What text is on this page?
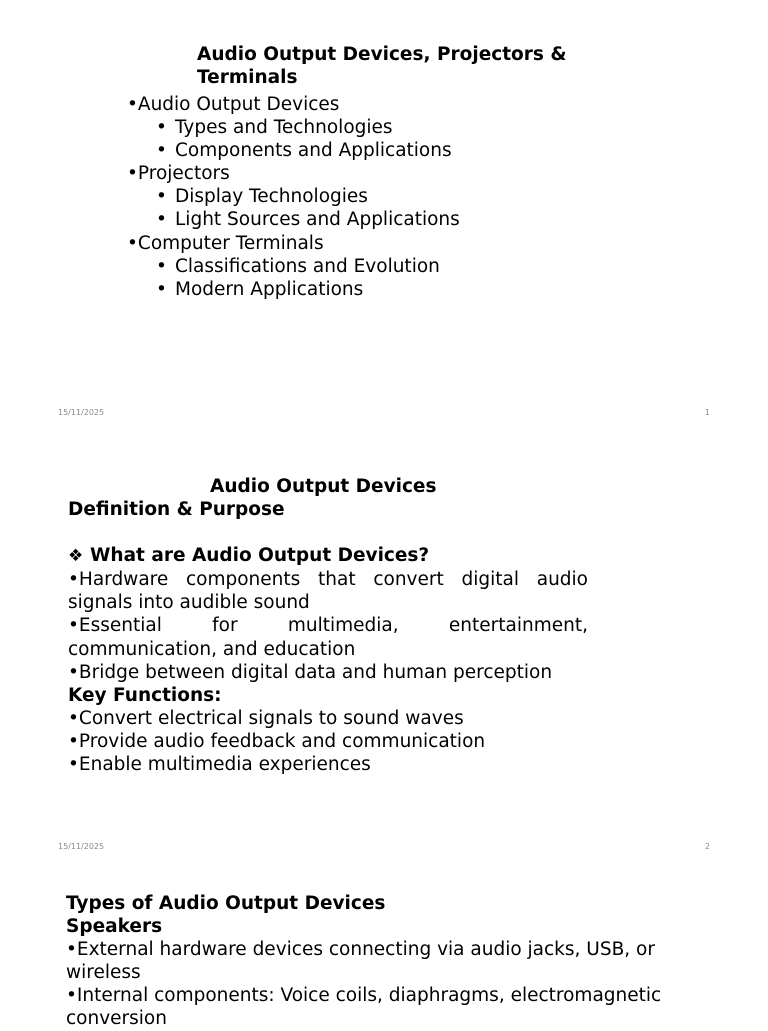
Audio Output Devices, Projectors & Terminals
•Audio Output Devices
• Types and Technologies
• Components and Applications
•Projectors
• Display Technologies
• Light Sources and Applications
•Computer Terminals
• Classifications and Evolution
• Modern Applications
15/11/2025	1
Audio Output Devices
Definition & Purpose
❖ What are Audio Output Devices?
•Hardware components that convert digital audio signals into audible sound
•Essential for multimedia, entertainment, communication, and education
•Bridge between digital data and human perception
Key Functions:
•Convert electrical signals to sound waves
•Provide audio feedback and communication
•Enable multimedia experiences
15/11/2025	2
Types of Audio Output Devices
Speakers
•External hardware devices connecting via audio jacks, USB, or wireless
•Internal components: Voice coils, diaphragms, electromagnetic conversion
